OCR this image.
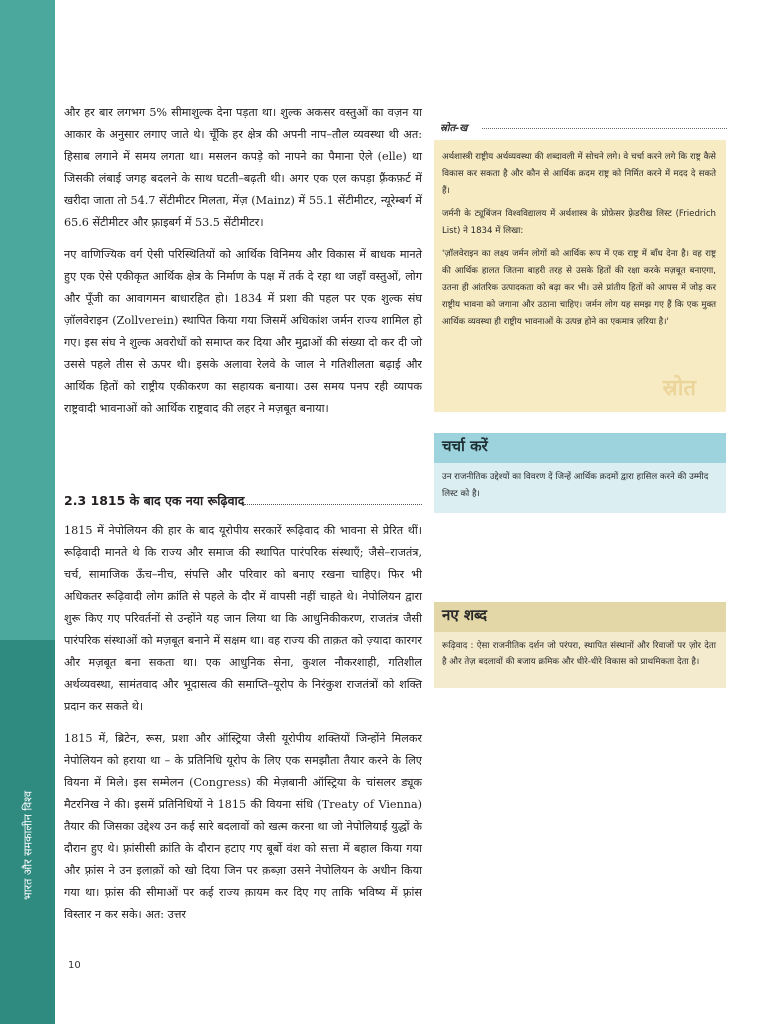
भारत और समकालीन विश्व

और हर बार लगभग 5% सीमाशुल्क देना पड़ता था। शुल्क अकसर वस्तुओं का वज़न या आकार के अनुसार लगाए जाते थे। चूँकि हर क्षेत्र की अपनी नाप–तौल व्यवस्था थी अत: हिसाब लगाने में समय लगता था। मसलन कपड़े को नापने का पैमाना ऐले (elle) था जिसकी लंबाई जगह बदलने के साथ घटती–बढ़ती थी। अगर एक एल कपड़ा फ़्रैंकफ़र्ट में खरीदा जाता तो 54.7 सेंटीमीटर मिलता, मेंज़ (Mainz) में 55.1 सेंटीमीटर, न्यूरेम्बर्ग में 65.6 सेंटीमीटर और फ़्राइबर्ग में 53.5 सेंटीमीटर।

नए वाणिज्यिक वर्ग ऐसी परिस्थितियों को आर्थिक विनिमय और विकास में बाधक मानते हुए एक ऐसे एकीकृत आर्थिक क्षेत्र के निर्माण के पक्ष में तर्क दे रहा था जहाँ वस्तुओं, लोग और पूँजी का आवागमन बाधारहित हो। 1834 में प्रशा की पहल पर एक शुल्क संघ ज़ॉलवेराइन (Zollverein) स्थापित किया गया जिसमें अधिकांश जर्मन राज्य शामिल हो गए। इस संघ ने शुल्क अवरोधों को समाप्त कर दिया और मुद्राओं की संख्या दो कर दी जो उससे पहले तीस से ऊपर थी। इसके अलावा रेलवे के जाल ने गतिशीलता बढ़ाई और आर्थिक हितों को राष्ट्रीय एकीकरण का सहायक बनाया। उस समय पनप रही व्यापक राष्ट्रवादी भावनाओं को आर्थिक राष्ट्रवाद की लहर ने मज़बूत बनाया।

2.3 1815 के बाद एक नया रूढ़िवाद

1815 में नेपोलियन की हार के बाद यूरोपीय सरकारें रूढ़िवाद की भावना से प्रेरित थीं। रूढ़िवादी मानते थे कि राज्य और समाज की स्थापित पारंपरिक संस्थाएँ; जैसे–राजतंत्र, चर्च, सामाजिक ऊँच–नीच, संपत्ति और परिवार को बनाए रखना चाहिए। फिर भी अधिकतर रूढ़िवादी लोग क्रांति से पहले के दौर में वापसी नहीं चाहते थे। नेपोलियन द्वारा शुरू किए गए परिवर्तनों से उन्होंने यह जान लिया था कि आधुनिकीकरण, राजतंत्र जैसी पारंपरिक संस्थाओं को मज़बूत बनाने में सक्षम था। वह राज्य की ताक़त को ज़्यादा कारगर और मज़बूत बना सकता था। एक आधुनिक सेना, कुशल नौकरशाही, गतिशील अर्थव्यवस्था, सामंतवाद और भूदासत्व की समाप्ति–यूरोप के निरंकुश राजतंत्रों को शक्ति प्रदान कर सकते थे।

1815 में, ब्रिटेन, रूस, प्रशा और ऑस्ट्रिया जैसी यूरोपीय शक्तियों जिन्होंने मिलकर नेपोलियन को हराया था – के प्रतिनिधि यूरोप के लिए एक समझौता तैयार करने के लिए वियना में मिले। इस सम्मेलन (Congress) की मेज़बानी ऑस्ट्रिया के चांसलर ड्यूक मैटरनिख ने की। इसमें प्रतिनिधियों ने 1815 की वियना संधि (Treaty of Vienna) तैयार की जिसका उद्देश्य उन कई सारे बदलावों को खत्म करना था जो नेपोलियाई युद्धों के दौरान हुए थे। फ़्रांसीसी क्रांति के दौरान हटाए गए बूर्बो वंश को सत्ता में बहाल किया गया और फ़्रांस ने उन इलाक़ों को खो दिया जिन पर क़ब्ज़ा उसने नेपोलियन के अधीन किया गया था। फ़्रांस की सीमाओं पर कई राज्य क़ायम कर दिए गए ताकि भविष्य में फ़्रांस विस्तार न कर सके। अत: उत्तर

10
स्रोत-ख

अर्थशास्त्री राष्ट्रीय अर्थव्यवस्था की शब्दावली में सोचने लगे। वे चर्चा करने लगे कि राष्ट्र कैसे विकास कर सकता है और कौन से आर्थिक क़दम राष्ट्र को निर्मित करने में मदद दे सकते हैं।

जर्मनी के ट्यूबिंजन विश्वविद्यालय में अर्थशास्त्र के प्रोफ़ेसर फ़्रेडरीख लिस्ट (Friedrich List) ने 1834 में लिखा:

'ज़ॉलवेराइन का लक्ष्य जर्मन लोगों को आर्थिक रूप में एक राष्ट्र में बाँध देना है। वह राष्ट्र की आर्थिक हालत जितना बाहरी तरह से उसके हितों की रक्षा करके मज़बूत बनाएगा, उतना ही आंतरिक उत्पादकता को बढ़ा कर भी। उसे प्रांतीय हितों को आपस में जोड़ कर राष्ट्रीय भावना को जगाना और उठाना चाहिए। जर्मन लोग यह समझ गए हैं कि एक मुक्त आर्थिक व्यवस्था ही राष्ट्रीय भावनाओं के उत्पन्न होने का एकमात्र ज़रिया है।'

स्रोत
चर्चा करें
उन राजनीतिक उद्देश्यों का विवरण दें जिन्हें आर्थिक क़दमों द्वारा हासिल करने की उम्मीद लिस्ट को है।
नए शब्द
रूढ़िवाद : ऐसा राजनीतिक दर्शन जो परंपरा, स्थापित संस्थानों और रिवाजों पर ज़ोर देता है और तेज़ बदलावों की बजाय क्रमिक और धीरे-धीरे विकास को प्राथमिकता देता है।
